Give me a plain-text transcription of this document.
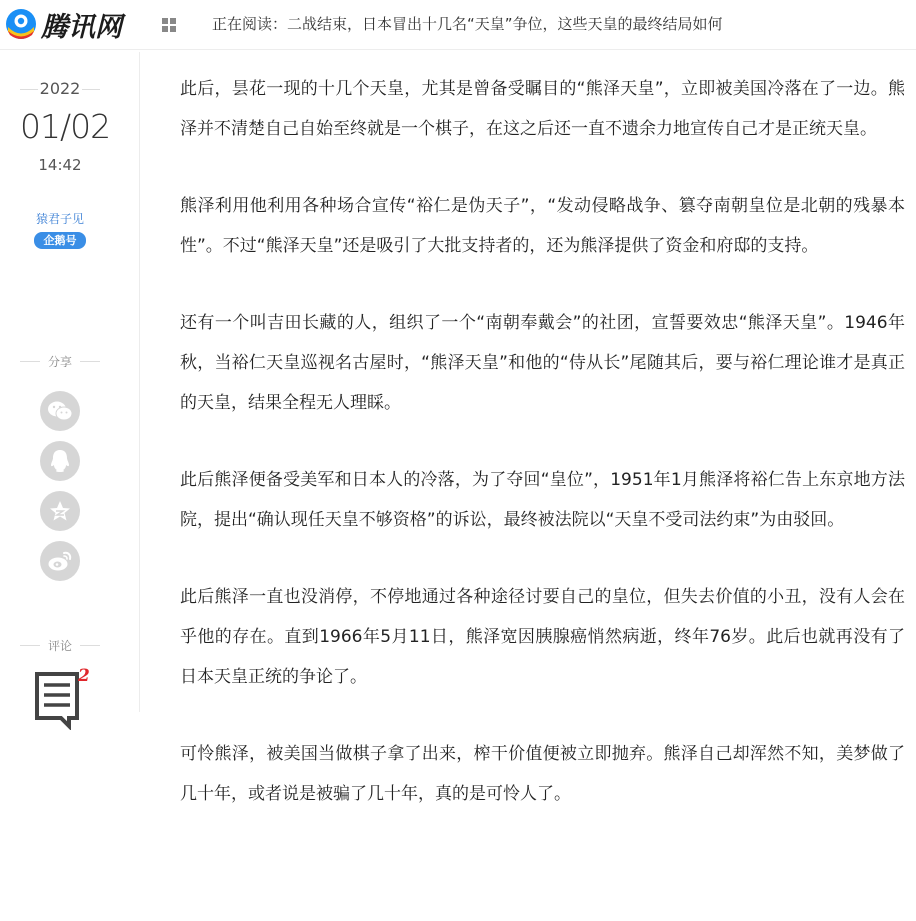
腾讯网	正在阅读：二战结束，日本冒出十几名“天皇”争位，这些天皇的最终结局如何
2022
01/02
14:42
猿君子见
企鹅号
分享
评论
2

此后，昙花一现的十几个天皇，尤其是曾备受瞩目的“熊泽天皇”，立即被美国冷落在了一边。熊泽并不清楚自己自始至终就是一个棋子，在这之后还一直不遗余力地宣传自己才是正统天皇。

熊泽利用他利用各种场合宣传“裕仁是伪天子”，“发动侵略战争、篡夺南朝皇位是北朝的残暴本性”。不过“熊泽天皇”还是吸引了大批支持者的，还为熊泽提供了资金和府邸的支持。

还有一个叫吉田长藏的人，组织了一个“南朝奉戴会”的社团，宣誓要效忠“熊泽天皇”。1946年秋，当裕仁天皇巡视名古屋时，“熊泽天皇”和他的“侍从长”尾随其后，要与裕仁理论谁才是真正的天皇，结果全程无人理睬。

此后熊泽便备受美军和日本人的冷落，为了夺回“皇位”，1951年1月熊泽将裕仁告上东京地方法院，提出“确认现任天皇不够资格”的诉讼，最终被法院以“天皇不受司法约束”为由驳回。

此后熊泽一直也没消停，不停地通过各种途径讨要自己的皇位，但失去价值的小丑，没有人会在乎他的存在。直到1966年5月11日，熊泽宽因胰腺癌悄然病逝，终年76岁。此后也就再没有了日本天皇正统的争论了。

可怜熊泽，被美国当做棋子拿了出来，榨干价值便被立即抛弃。熊泽自己却浑然不知，美梦做了几十年，或者说是被骗了几十年，真的是可怜人了。
